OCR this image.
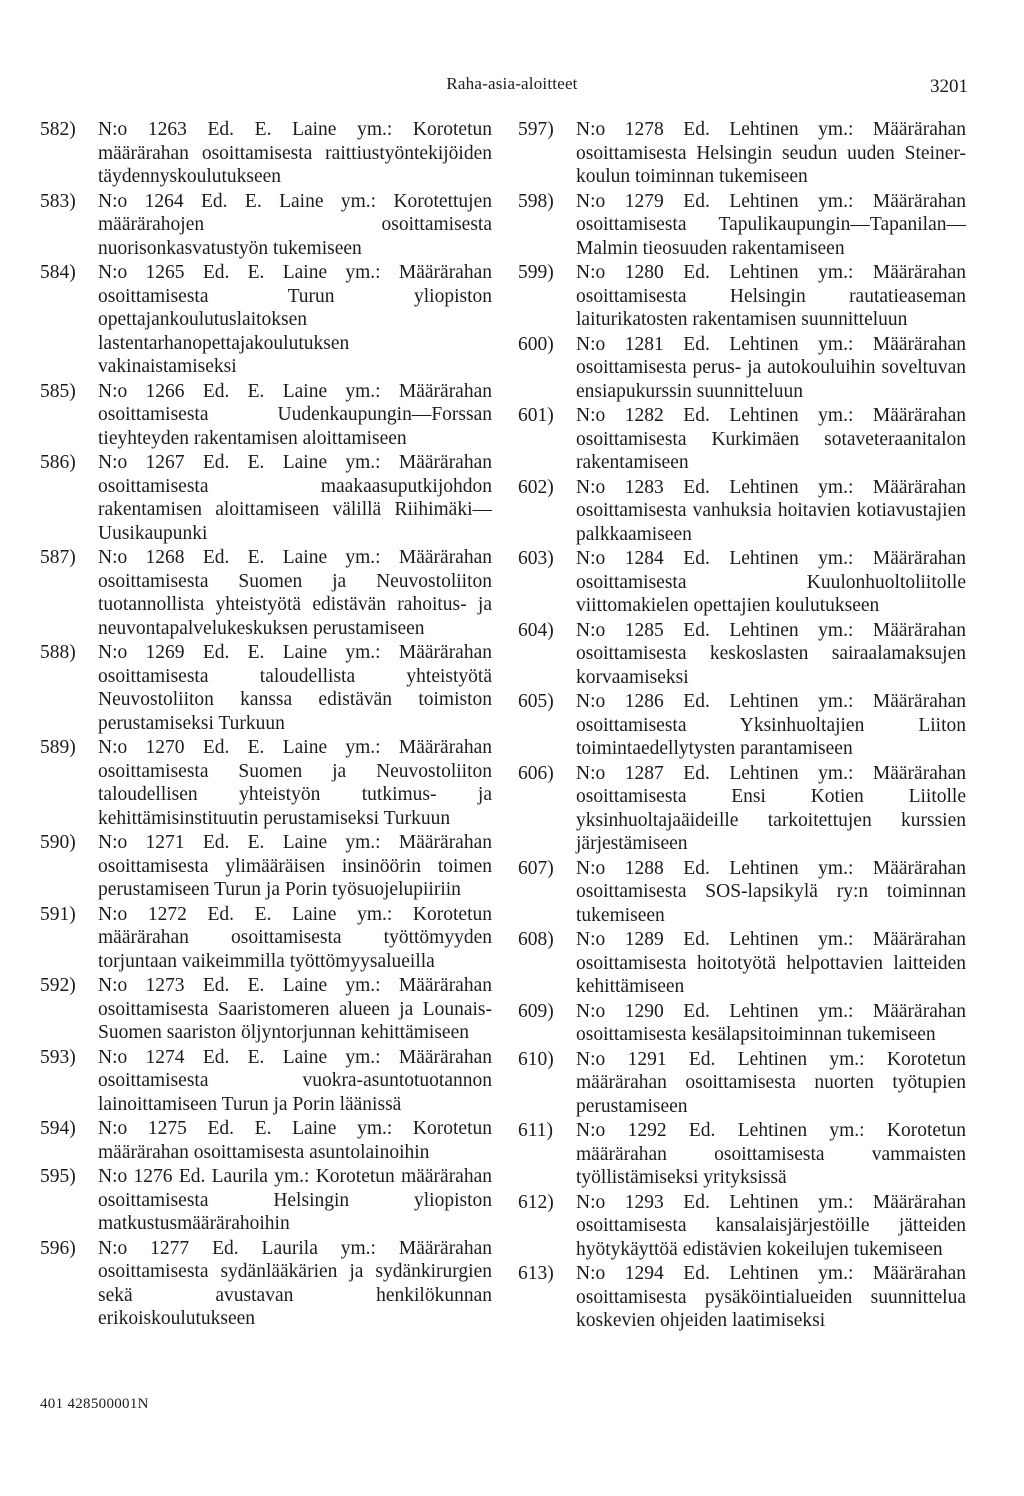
Raha-asia-aloitteet	3201
582)	N:o 1263 Ed. E. Laine ym.: Korotetun määrärahan osoittamisesta raittiustyöntekijöiden täydennyskoulutukseen
583)	N:o 1264 Ed. E. Laine ym.: Korotettujen määrärahojen osoittamisesta nuorisonkasvatustyön tukemiseen
584)	N:o 1265 Ed. E. Laine ym.: Määrärahan osoittamisesta Turun yliopiston opettajankoulutuslaitoksen lastentarhanopettajakoulutuksen vakinaistamiseksi
585)	N:o 1266 Ed. E. Laine ym.: Määrärahan osoittamisesta Uudenkaupungin—Forssan tieyhteyden rakentamisen aloittamiseen
586)	N:o 1267 Ed. E. Laine ym.: Määrärahan osoittamisesta maakaasuputkijohdon rakentamisen aloittamiseen välillä Riihimäki—Uusikaupunki
587)	N:o 1268 Ed. E. Laine ym.: Määrärahan osoittamisesta Suomen ja Neuvostoliiton tuotannollista yhteistyötä edistävän rahoitus- ja neuvontapalvelukeskuksen perustamiseen
588)	N:o 1269 Ed. E. Laine ym.: Määrärahan osoittamisesta taloudellista yhteistyötä Neuvostoliiton kanssa edistävän toimiston perustamiseksi Turkuun
589)	N:o 1270 Ed. E. Laine ym.: Määrärahan osoittamisesta Suomen ja Neuvostoliiton taloudellisen yhteistyön tutkimus- ja kehittämisinstituutin perustamiseksi Turkuun
590)	N:o 1271 Ed. E. Laine ym.: Määrärahan osoittamisesta ylimääräisen insinöörin toimen perustamiseen Turun ja Porin työsuojelupiiriin
591)	N:o 1272 Ed. E. Laine ym.: Korotetun määrärahan osoittamisesta työttömyyden torjuntaan vaikeimmilla työttömyysalueilla
592)	N:o 1273 Ed. E. Laine ym.: Määrärahan osoittamisesta Saaristomeren alueen ja Lounais-Suomen saariston öljyntorjunnan kehittämiseen
593)	N:o 1274 Ed. E. Laine ym.: Määrärahan osoittamisesta vuokra-asuntotuotannon lainoittamiseen Turun ja Porin läänissä
594)	N:o 1275 Ed. E. Laine ym.: Korotetun määrärahan osoittamisesta asuntolainoihin
595)	N:o 1276 Ed. Laurila ym.: Korotetun määrärahan osoittamisesta Helsingin yliopiston matkustusmäärärahoihin
596)	N:o 1277 Ed. Laurila ym.: Määrärahan osoittamisesta sydänlääkärien ja sydänkirurgien sekä avustavan henkilökunnan erikoiskoulutukseen
597)	N:o 1278 Ed. Lehtinen ym.: Määrärahan osoittamisesta Helsingin seudun uuden Steiner-koulun toiminnan tukemiseen
598)	N:o 1279 Ed. Lehtinen ym.: Määrärahan osoittamisesta Tapulikaupungin—Tapanilan—Malmin tieosuuden rakentamiseen
599)	N:o 1280 Ed. Lehtinen ym.: Määrärahan osoittamisesta Helsingin rautatieaseman laiturikatosten rakentamisen suunnitteluun
600)	N:o 1281 Ed. Lehtinen ym.: Määrärahan osoittamisesta perus- ja autokouluihin soveltuvan ensiapukurssin suunnitteluun
601)	N:o 1282 Ed. Lehtinen ym.: Määrärahan osoittamisesta Kurkimäen sotaveteraanitalon rakentamiseen
602)	N:o 1283 Ed. Lehtinen ym.: Määrärahan osoittamisesta vanhuksia hoitavien kotiavustajien palkkaamiseen
603)	N:o 1284 Ed. Lehtinen ym.: Määrärahan osoittamisesta Kuulonhuoltoliitolle viittomakielen opettajien koulutukseen
604)	N:o 1285 Ed. Lehtinen ym.: Määrärahan osoittamisesta keskoslasten sairaalamaksujen korvaamiseksi
605)	N:o 1286 Ed. Lehtinen ym.: Määrärahan osoittamisesta Yksinhuoltajien Liiton toimintaedellytysten parantamiseen
606)	N:o 1287 Ed. Lehtinen ym.: Määrärahan osoittamisesta Ensi Kotien Liitolle yksinhuoltajaäideille tarkoitettujen kurssien järjestämiseen
607)	N:o 1288 Ed. Lehtinen ym.: Määrärahan osoittamisesta SOS-lapsikylä ry:n toiminnan tukemiseen
608)	N:o 1289 Ed. Lehtinen ym.: Määrärahan osoittamisesta hoitotyötä helpottavien laitteiden kehittämiseen
609)	N:o 1290 Ed. Lehtinen ym.: Määrärahan osoittamisesta kesälapsitoiminnan tukemiseen
610)	N:o 1291 Ed. Lehtinen ym.: Korotetun määrärahan osoittamisesta nuorten työtupien perustamiseen
611)	N:o 1292 Ed. Lehtinen ym.: Korotetun määrärahan osoittamisesta vammaisten työllistämiseksi yrityksissä
612)	N:o 1293 Ed. Lehtinen ym.: Määrärahan osoittamisesta kansalaisjärjestöille jätteiden hyötykäyttöä edistävien kokeilujen tukemiseen
613)	N:o 1294 Ed. Lehtinen ym.: Määrärahan osoittamisesta pysäköintialueiden suunnittelua koskevien ohjeiden laatimiseksi
401 428500001N
